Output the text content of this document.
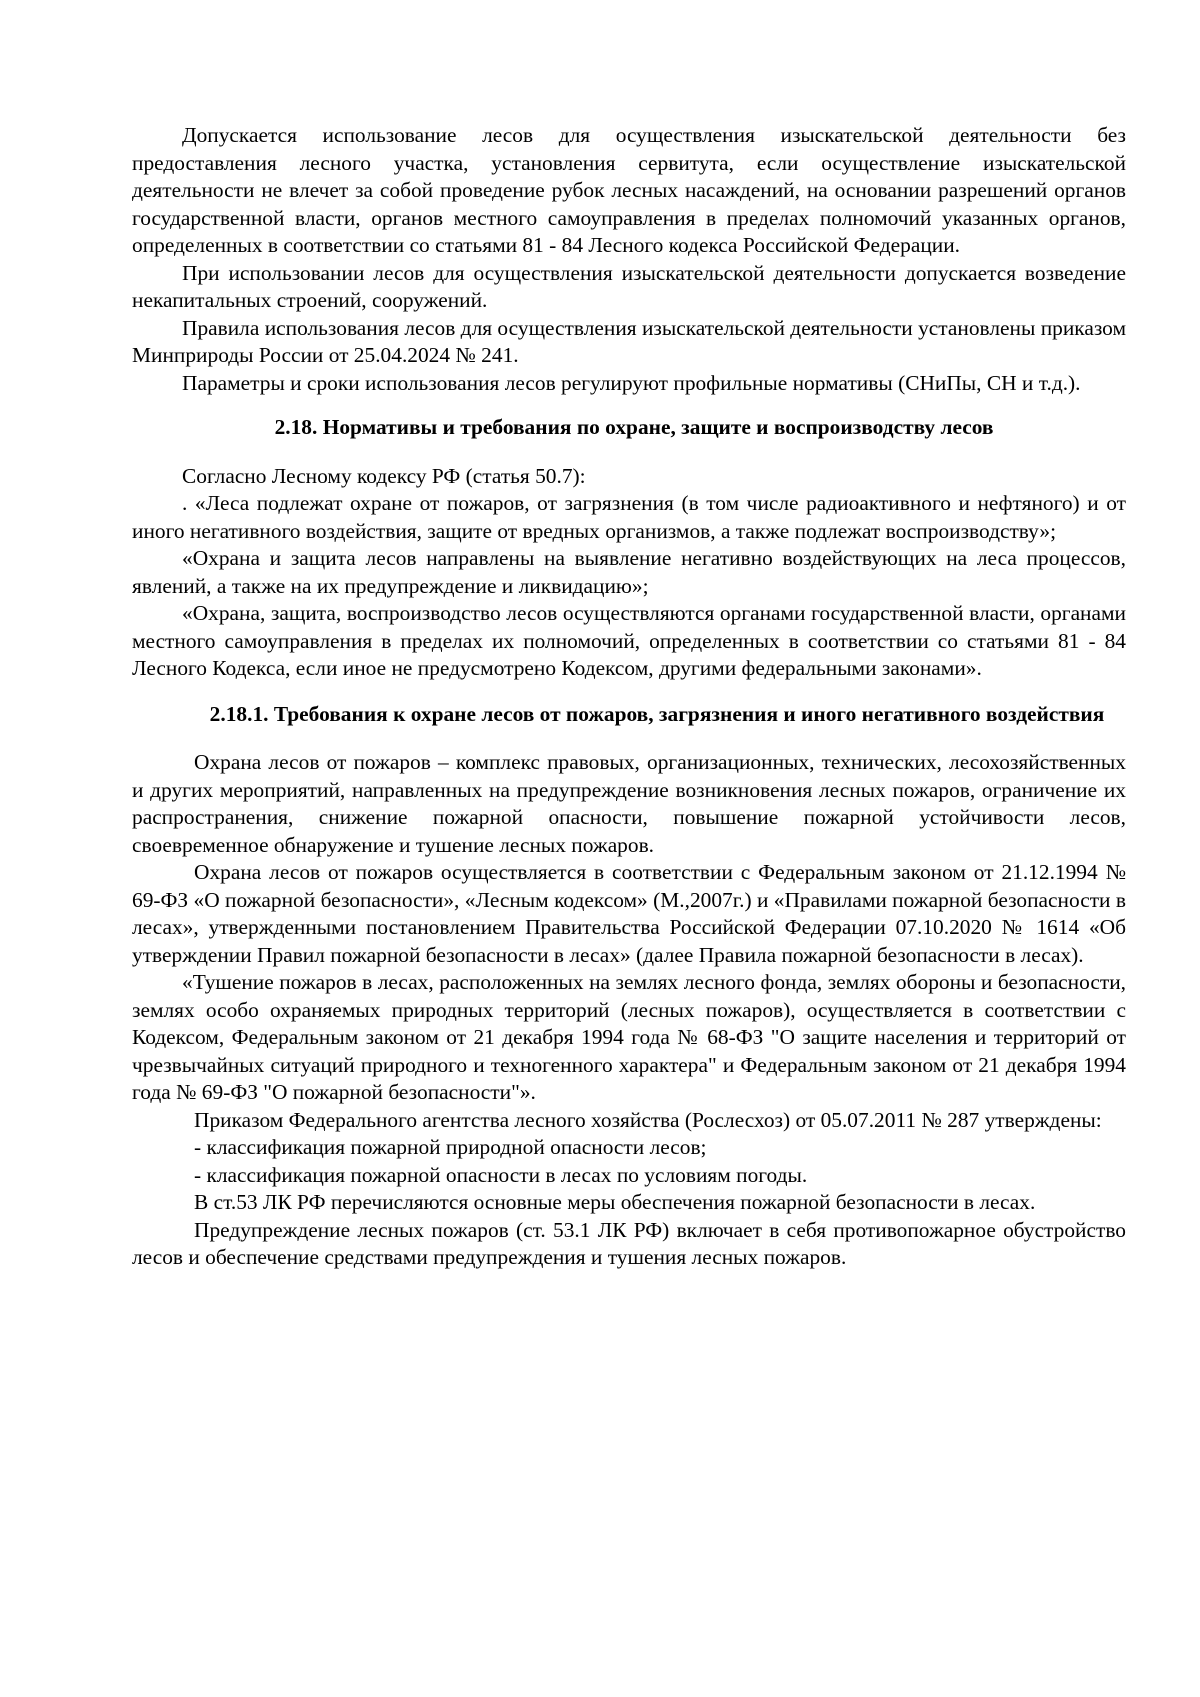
Допускается использование лесов для осуществления изыскательской деятельности без предоставления лесного участка, установления сервитута, если осуществление изыскательской деятельности не влечет за собой проведение рубок лесных насаждений, на основании разрешений органов государственной власти, органов местного самоуправления в пределах полномочий указанных органов, определенных в соответствии со статьями 81 - 84 Лесного кодекса Российской Федерации.

При использовании лесов для осуществления изыскательской деятельности допускается возведение некапитальных строений, сооружений.

Правила использования лесов для осуществления изыскательской деятельности установлены приказом Минприроды России от 25.04.2024 № 241.

Параметры и сроки использования лесов регулируют профильные нормативы (СНиПы, СН и т.д.).

2.18. Нормативы и требования по охране, защите и воспроизводству лесов

Согласно Лесному кодексу РФ (статья 50.7):

. «Леса подлежат охране от пожаров, от загрязнения (в том числе радиоактивного и нефтяного) и от иного негативного воздействия, защите от вредных организмов, а также подлежат воспроизводству»;

«Охрана и защита лесов направлены на выявление негативно воздействующих на леса процессов, явлений, а также на их предупреждение и ликвидацию»;

«Охрана, защита, воспроизводство лесов осуществляются органами государственной власти, органами местного самоуправления в пределах их полномочий, определенных в соответствии со статьями 81 - 84 Лесного Кодекса, если иное не предусмотрено Кодексом, другими федеральными законами».

2.18.1. Требования к охране лесов от пожаров, загрязнения и иного негативного воздействия

Охрана лесов от пожаров – комплекс правовых, организационных, технических, лесохозяйственных и других мероприятий, направленных на предупреждение возникновения лесных пожаров, ограничение их распространения, снижение пожарной опасности, повышение пожарной устойчивости лесов, своевременное обнаружение и тушение лесных пожаров.

Охрана лесов от пожаров осуществляется в соответствии с Федеральным законом от 21.12.1994 № 69-ФЗ «О пожарной безопасности», «Лесным кодексом» (М.,2007г.) и «Правилами пожарной безопасности в лесах», утвержденными постановлением Правительства Российской Федерации 07.10.2020 № 1614 «Об утверждении Правил пожарной безопасности в лесах» (далее Правила пожарной безопасности в лесах).

«Тушение пожаров в лесах, расположенных на землях лесного фонда, землях обороны и безопасности, землях особо охраняемых природных территорий (лесных пожаров), осуществляется в соответствии с Кодексом, Федеральным законом от 21 декабря 1994 года № 68-ФЗ "О защите населения и территорий от чрезвычайных ситуаций природного и техногенного характера" и Федеральным законом от 21 декабря 1994 года № 69-ФЗ "О пожарной безопасности"».

Приказом Федерального агентства лесного хозяйства (Рослесхоз) от 05.07.2011 № 287 утверждены:

- классификация пожарной природной опасности лесов;

- классификация пожарной опасности в лесах по условиям погоды.

В ст.53 ЛК РФ перечисляются основные меры обеспечения пожарной безопасности в лесах.

Предупреждение лесных пожаров (ст. 53.1 ЛК РФ) включает в себя противопожарное обустройство лесов и обеспечение средствами предупреждения и тушения лесных пожаров.
